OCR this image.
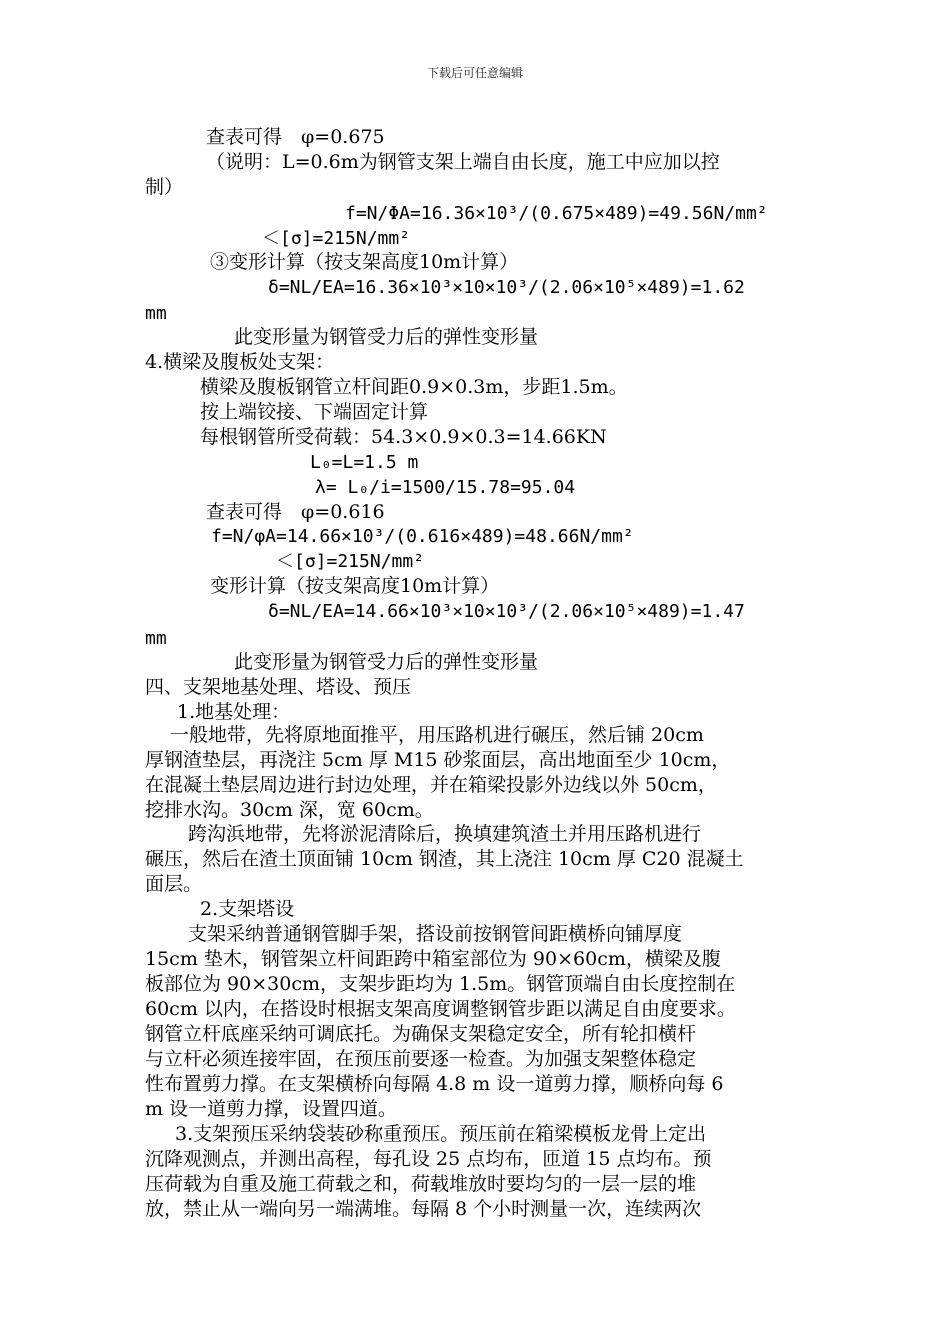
下载后可任意编辑
查表可得　φ=0.675
（说明：L=0.6m为钢管支架上端自由长度，施工中应加以控
制）
f=N/ΦA=16.36×10³/(0.675×489)=49.56N/mm²
＜[σ]=215N/mm²
③变形计算（按支架高度10m计算）
δ=NL/EA=16.36×10³×10×10³/(2.06×10⁵×489)=1.62
mm
此变形量为钢管受力后的弹性变形量
4.横梁及腹板处支架：
横梁及腹板钢管立杆间距0.9×0.3m，步距1.5m。
按上端铰接、下端固定计算
每根钢管所受荷载：54.3×0.9×0.3=14.66KN
L₀=L=1.5 m
λ= L₀/i=1500/15.78=95.04
查表可得　φ=0.616
f=N/φA=14.66×10³/(0.616×489)=48.66N/mm²
＜[σ]=215N/mm²
变形计算（按支架高度10m计算）
δ=NL/EA=14.66×10³×10×10³/(2.06×10⁵×489)=1.47
mm
此变形量为钢管受力后的弹性变形量
四、支架地基处理、塔设、预压
1.地基处理：
一般地带，先将原地面推平，用压路机进行碾压，然后铺 20cm
厚钢渣垫层，再浇注 5cm 厚 M15 砂浆面层，高出地面至少 10cm，
在混凝土垫层周边进行封边处理，并在箱梁投影外边线以外 50cm，
挖排水沟。30cm 深，宽 60cm。
跨沟浜地带，先将淤泥清除后，换填建筑渣土并用压路机进行
碾压，然后在渣土顶面铺 10cm 钢渣，其上浇注 10cm 厚 C20 混凝土
面层。
2.支架塔设
支架采纳普通钢管脚手架，搭设前按钢管间距横桥向铺厚度
15cm 垫木，钢管架立杆间距跨中箱室部位为 90×60cm，横梁及腹
板部位为 90×30cm，支架步距均为 1.5m。钢管顶端自由长度控制在
60cm 以内，在搭设时根据支架高度调整钢管步距以满足自由度要求。
钢管立杆底座采纳可调底托。为确保支架稳定安全，所有轮扣横杆
与立杆必须连接牢固，在预压前要逐一检查。为加强支架整体稳定
性布置剪力撑。在支架横桥向每隔 4.8 m 设一道剪力撑，顺桥向每 6
m 设一道剪力撑，设置四道。
3.支架预压采纳袋装砂称重预压。预压前在箱梁模板龙骨上定出
沉降观测点，并测出高程，每孔设 25 点均布，匝道 15 点均布。预
压荷载为自重及施工荷载之和，荷载堆放时要均匀的一层一层的堆
放，禁止从一端向另一端满堆。每隔 8 个小时测量一次，连续两次
